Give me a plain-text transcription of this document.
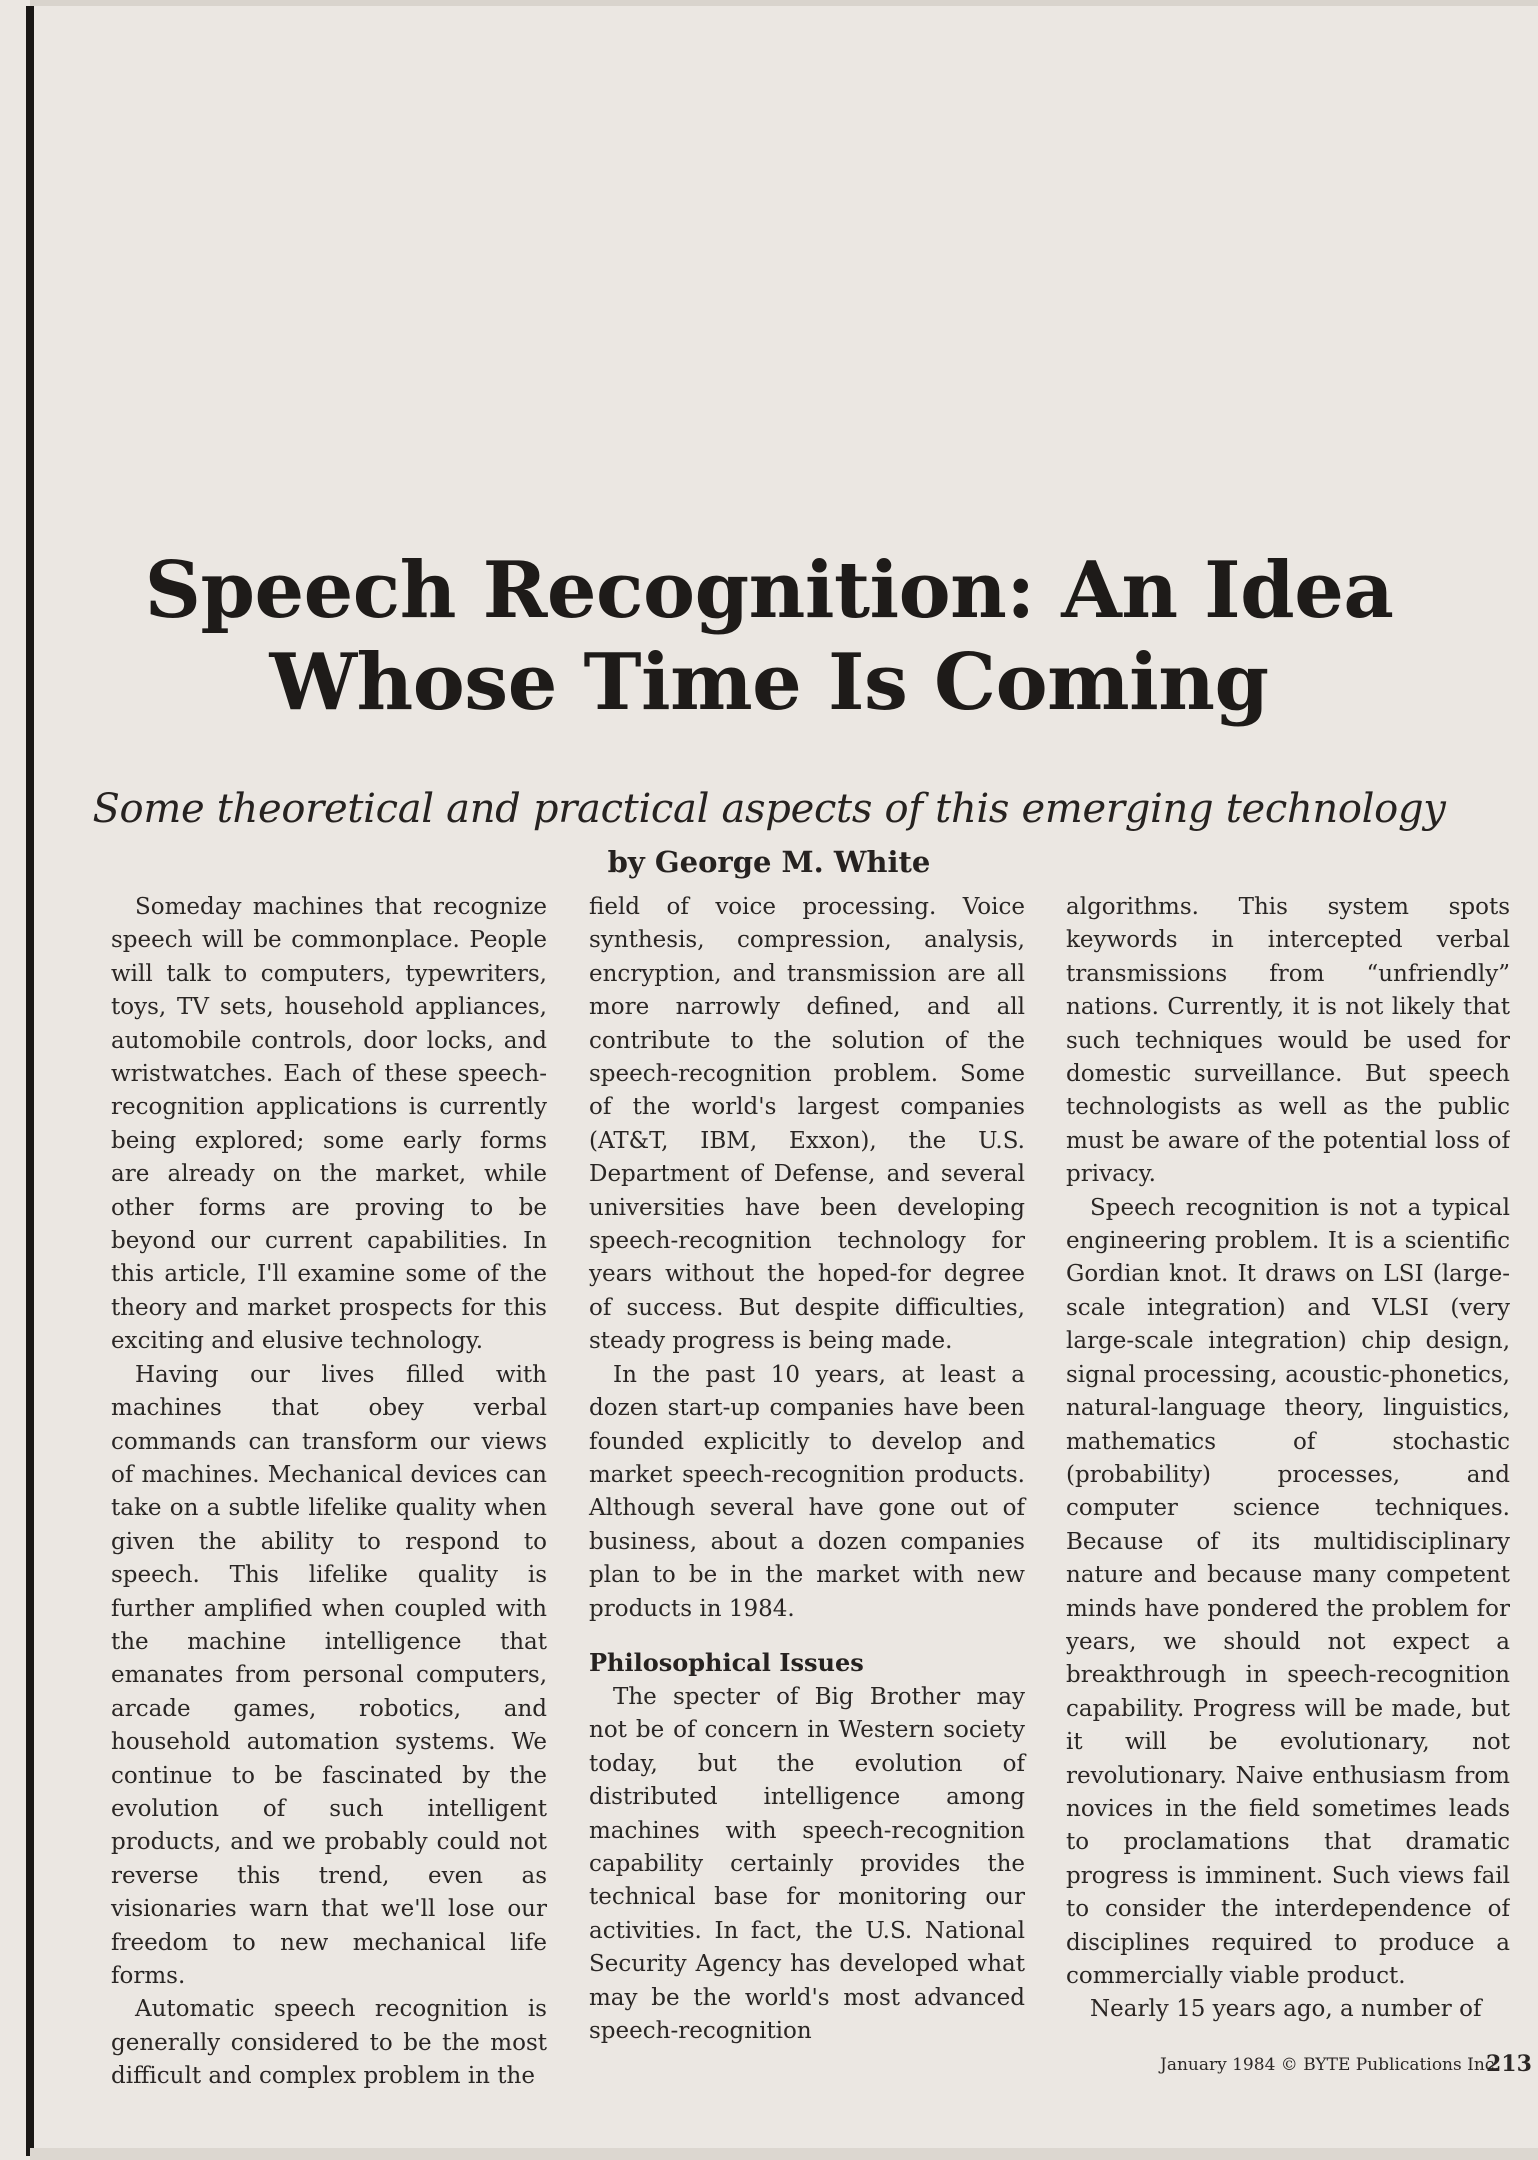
Speech Recognition: An Idea
Whose Time Is Coming
Some theoretical and practical aspects of this emerging technology
by George M. White

Someday machines that recognize speech will be commonplace. People will talk to computers, typewriters, toys, TV sets, household appliances, automobile controls, door locks, and wristwatches. Each of these speech-recognition applications is currently being explored; some early forms are already on the market, while other forms are proving to be beyond our current capabilities. In this article, I'll examine some of the theory and market prospects for this exciting and elusive technology.

Having our lives filled with machines that obey verbal commands can transform our views of machines. Mechanical devices can take on a subtle lifelike quality when given the ability to respond to speech. This lifelike quality is further amplified when coupled with the machine intelligence that emanates from personal computers, arcade games, robotics, and household automation systems. We continue to be fascinated by the evolution of such intelligent products, and we probably could not reverse this trend, even as visionaries warn that we'll lose our freedom to new mechanical life forms.

Automatic speech recognition is generally considered to be the most difficult and complex problem in the

field of voice processing. Voice synthesis, compression, analysis, encryption, and transmission are all more narrowly defined, and all contribute to the solution of the speech-recognition problem. Some of the world's largest companies (AT&T, IBM, Exxon), the U.S. Department of Defense, and several universities have been developing speech-recognition technology for years without the hoped-for degree of success. But despite difficulties, steady progress is being made.

In the past 10 years, at least a dozen start-up companies have been founded explicitly to develop and market speech-recognition products. Although several have gone out of business, about a dozen companies plan to be in the market with new products in 1984.

Philosophical Issues

The specter of Big Brother may not be of concern in Western society today, but the evolution of distributed intelligence among machines with speech-recognition capability certainly provides the technical base for monitoring our activities. In fact, the U.S. National Security Agency has developed what may be the world's most advanced speech-recognition

algorithms. This system spots keywords in intercepted verbal transmissions from “unfriendly” nations. Currently, it is not likely that such techniques would be used for domestic surveillance. But speech technologists as well as the public must be aware of the potential loss of privacy.

Speech recognition is not a typical engineering problem. It is a scientific Gordian knot. It draws on LSI (large-scale integration) and VLSI (very large-scale integration) chip design, signal processing, acoustic-phonetics, natural-language theory, linguistics, mathematics of stochastic (probability) processes, and computer science techniques. Because of its multidisciplinary nature and because many competent minds have pondered the problem for years, we should not expect a breakthrough in speech-recognition capability. Progress will be made, but it will be evolutionary, not revolutionary. Naive enthusiasm from novices in the field sometimes leads to proclamations that dramatic progress is imminent. Such views fail to consider the interdependence of disciplines required to produce a commercially viable product.

Nearly 15 years ago, a number of

January 1984 © BYTE Publications Inc.
213
